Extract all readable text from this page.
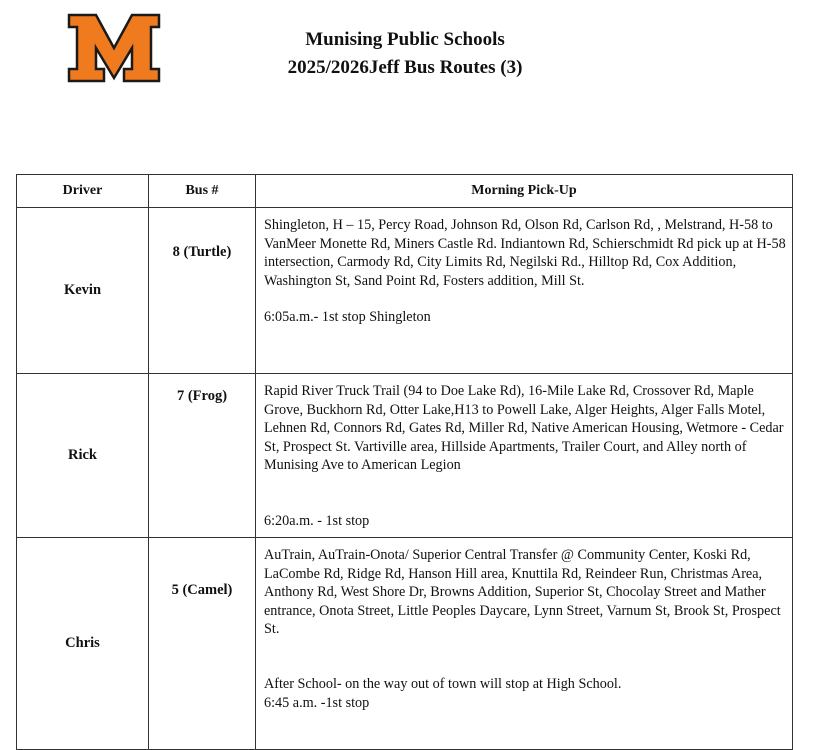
Munising Public Schools
2025/2026Jeff Bus Routes (3)
Driver	Bus #	Morning Pick-Up
Kevin	8 (Turtle)	Shingleton, H – 15, Percy Road, Johnson Rd, Olson Rd, Carlson Rd, , Melstrand, H-58 to VanMeer Monette Rd, Miners Castle Rd. Indiantown Rd, Schierschmidt Rd pick up at H-58 intersection, Carmody Rd, City Limits Rd, Negilski Rd., Hilltop Rd, Cox Addition, Washington St, Sand Point Rd, Fosters addition, Mill St.
6:05a.m.- 1st stop Shingleton

Rick	7 (Frog)	Rapid River Truck Trail (94 to Doe Lake Rd), 16-Mile Lake Rd, Crossover Rd, Maple Grove, Buckhorn Rd, Otter Lake,H13 to Powell Lake, Alger Heights, Alger Falls Motel, Lehnen Rd, Connors Rd, Gates Rd, Miller Rd, Native American Housing, Wetmore - Cedar St, Prospect St. Vartiville area, Hillside Apartments, Trailer Court, and Alley north of Munising Ave to American Legion
6:20a.m. - 1st stop

Chris	5 (Camel)	AuTrain, AuTrain-Onota/ Superior Central Transfer @ Community Center, Koski Rd, LaCombe Rd, Ridge Rd, Hanson Hill area, Knuttila Rd, Reindeer Run, Christmas Area, Anthony Rd, West Shore Dr, Browns Addition, Superior St, Chocolay Street and Mather entrance, Onota Street, Little Peoples Daycare, Lynn Street, Varnum St, Brook St, Prospect St.
After School- on the way out of town will stop at High School.
6:45 a.m. -1st stop
